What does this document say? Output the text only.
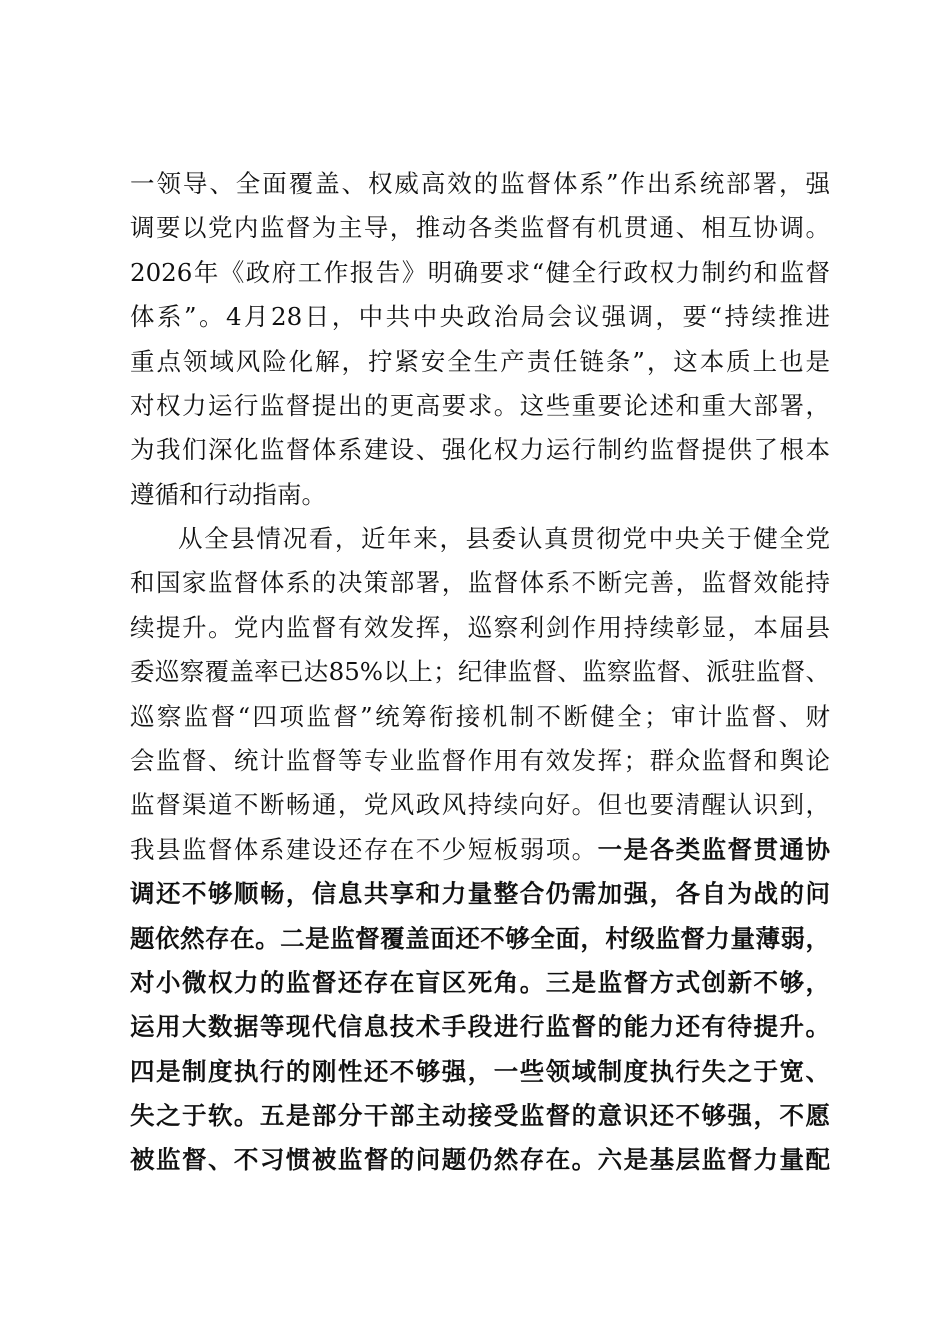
一领导、全面覆盖、权威高效的监督体系”作出系统部署，强
调要以党内监督为主导，推动各类监督有机贯通、相互协调。
2026年《政府工作报告》明确要求“健全行政权力制约和监督
体系”。4月28日，中共中央政治局会议强调，要“持续推进
重点领域风险化解，拧紧安全生产责任链条”，这本质上也是
对权力运行监督提出的更高要求。这些重要论述和重大部署，
为我们深化监督体系建设、强化权力运行制约监督提供了根本
遵循和行动指南。
从全县情况看，近年来，县委认真贯彻党中央关于健全党
和国家监督体系的决策部署，监督体系不断完善，监督效能持
续提升。党内监督有效发挥，巡察利剑作用持续彰显，本届县
委巡察覆盖率已达85%以上；纪律监督、监察监督、派驻监督、
巡察监督“四项监督”统筹衔接机制不断健全；审计监督、财
会监督、统计监督等专业监督作用有效发挥；群众监督和舆论
监督渠道不断畅通，党风政风持续向好。但也要清醒认识到，
我县监督体系建设还存在不少短板弱项。一是各类监督贯通协
调还不够顺畅，信息共享和力量整合仍需加强，各自为战的问
题依然存在。二是监督覆盖面还不够全面，村级监督力量薄弱，
对小微权力的监督还存在盲区死角。三是监督方式创新不够，
运用大数据等现代信息技术手段进行监督的能力还有待提升。
四是制度执行的刚性还不够强，一些领域制度执行失之于宽、
失之于软。五是部分干部主动接受监督的意识还不够强，不愿
被监督、不习惯被监督的问题仍然存在。六是基层监督力量配
